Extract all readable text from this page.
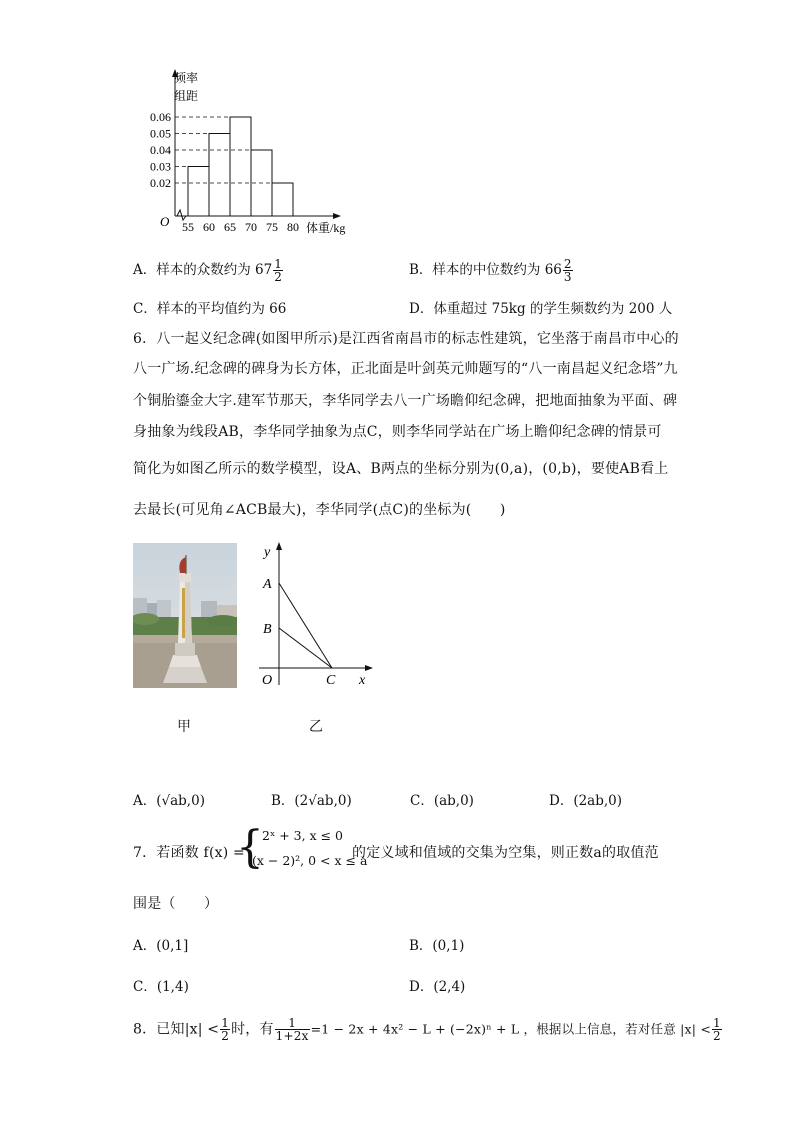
0.06
0.05
0.04
0.03
0.02
55 60 65 70 75 80
O
频率
组距
体重/kg
A．样本的众数约为 $67 \frac{1}{2}$	B．样本的中位数约为 $66 \frac{2}{3}$
C．样本的平均值约为 66	D．体重超过 75kg 的学生频数约为 200 人
6．八一起义纪念碑(如图甲所示)是江西省南昌市的标志性建筑，它坐落于南昌市中心的
八一广场.纪念碑的碑身为长方体，正北面是叶剑英元帅题写的“八一南昌起义纪念塔”九
个铜胎鎏金大字.建军节那天，李华同学去八一广场瞻仰纪念碑，把地面抽象为平面、碑
身抽象为线段AB，李华同学抽象为点C，则李华同学站在广场上瞻仰纪念碑的情景可
简化为如图乙所示的数学模型，设A、B两点的坐标分别为(0,a)，(0,b)，要使AB看上
去最长(可见角∠ACB最大)，李华同学(点C)的坐标为(　　)
y
A
B
O	C x
甲	乙
A．(√ab,0)	B．(2√ab,0)	C．(ab,0)	D．(2ab,0)
7．若函数 f(x) =
{
2ˣ + 3, x ≤ 0
(x − 2)², 0 < x ≤ a
的定义域和值域的交集为空集，则正数a的取值范
围是（　　）
A．(0,1]	B．(0,1)
C．(1,4)	D．(2,4)
8．已知$|x| < \frac{1}{2}$ 时，有 $\frac{1}{1+2x} =1 - 2x + 4x^2 - L + (-2x)^n + L$ ，根据以上信息，若对任意 $|x| < \frac{1}{2}$
